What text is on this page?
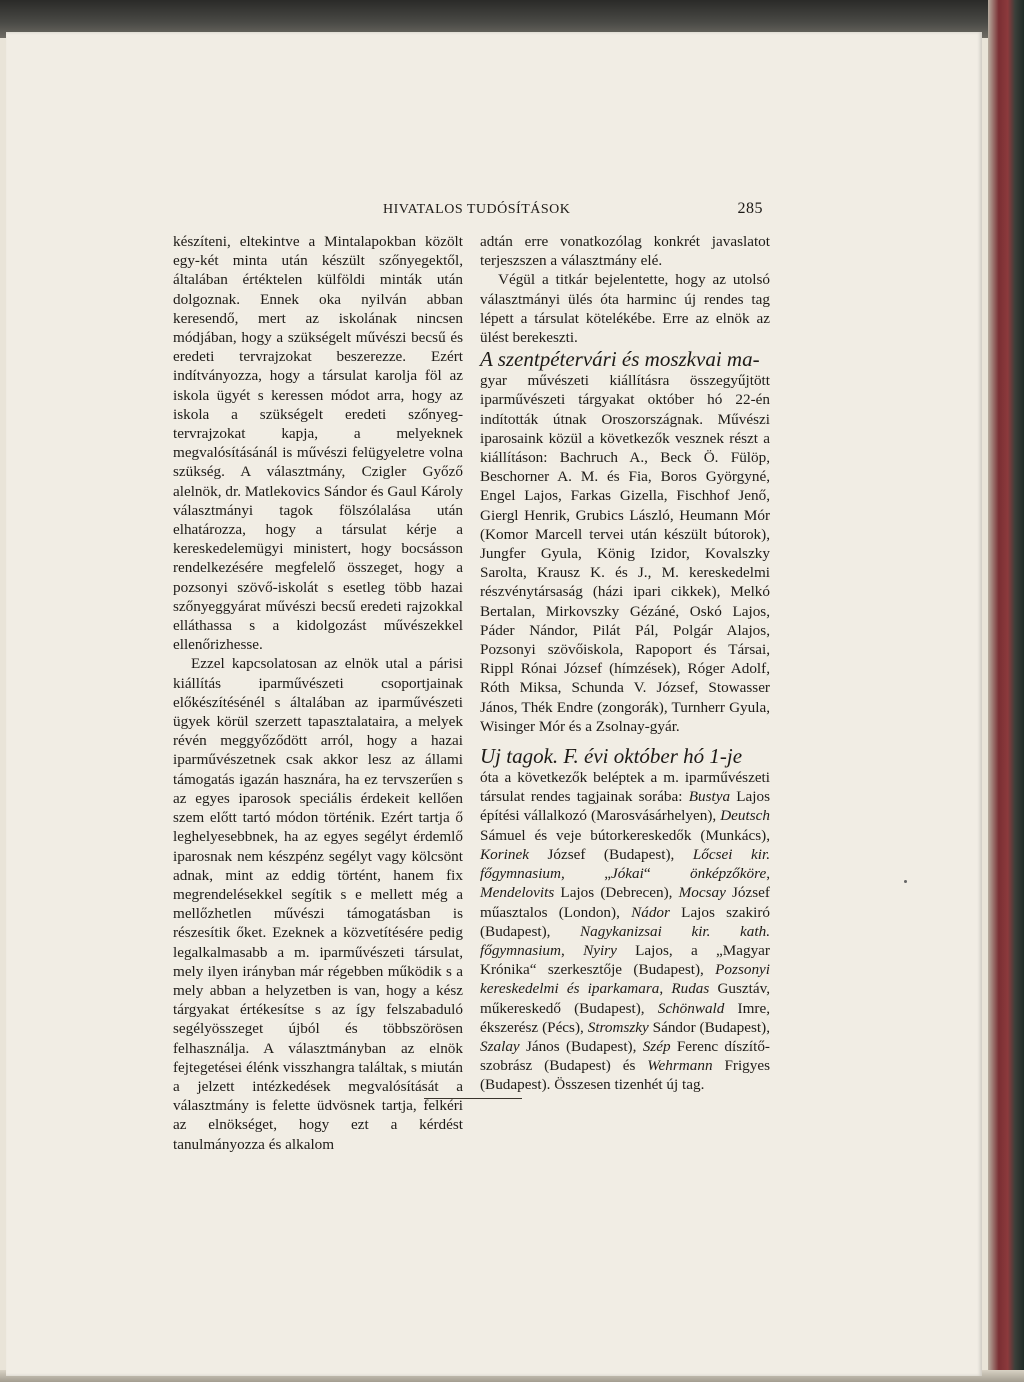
HIVATALOS TUDÓSÍTÁSOK	285

készíteni, eltekintve a Mintalapokban közölt egy-két minta után készült szőnyegektől, általában értéktelen külföldi minták után dolgoznak. Ennek oka nyilván abban keresendő, mert az iskolának nincsen módjában, hogy a szükségelt művészi becsű és eredeti tervrajzokat beszerezze. Ezért indítványozza, hogy a társulat karolja föl az iskola ügyét s keressen módot arra, hogy az iskola a szükségelt eredeti szőnyeg-tervrajzokat kapja, a melyeknek megvalósításánál is művészi felügyeletre volna szükség. A választmány, Czigler Győző alelnök, dr. Matlekovics Sándor és Gaul Károly választmányi tagok fölszólalása után elhatározza, hogy a társulat kérje a kereskedelemügyi ministert, hogy bocsásson rendelkezésére megfelelő összeget, hogy a pozsonyi szövő-iskolát s esetleg több hazai szőnyeggyárat művészi becsű eredeti rajzokkal elláthassa s a kidolgozást művészekkel ellenőrizhesse.

Ezzel kapcsolatosan az elnök utal a párisi kiállítás iparművészeti csoportjainak előkészítésénél s általában az iparművészeti ügyek körül szerzett tapasztalataira, a melyek révén meggyőződött arról, hogy a hazai iparművészetnek csak akkor lesz az állami támogatás igazán hasznára, ha ez tervszerűen s az egyes iparosok speciális érdekeit kellően szem előtt tartó módon történik. Ezért tartja ő leghelyesebbnek, ha az egyes segélyt érdemlő iparosnak nem készpénz segélyt vagy kölcsönt adnak, mint az eddig történt, hanem fix megrendelésekkel segítik s e mellett még a mellőzhetlen művészi támogatásban is részesítik őket. Ezeknek a közvetítésére pedig legalkalmasabb a m. iparművészeti társulat, mely ilyen irányban már régebben működik s a mely abban a helyzetben is van, hogy a kész tárgyakat értékesítse s az így felszabaduló segélyösszeget újból és többszörösen felhasználja. A választmányban az elnök fejtegetései élénk visszhangra találtak, s miután a jelzett intézkedések megvalósítását a választmány is felette üdvösnek tartja, felkéri az elnökséget, hogy ezt a kérdést tanulmányozza és alkalom

adtán erre vonatkozólag konkrét javaslatot terjeszszen a választmány elé.

Végül a titkár bejelentette, hogy az utolsó választmányi ülés óta harminc új rendes tag lépett a társulat kötelékébe. Erre az elnök az ülést berekeszti.

A szentpétervári és moszkvai ma-

gyar művészeti kiállításra összegyűjtött iparművészeti tárgyakat október hó 22-én indították útnak Oroszországnak. Művészi iparosaink közül a következők vesznek részt a kiállításon: Bachruch A., Beck Ö. Fülöp, Beschorner A. M. és Fia, Boros Györgyné, Engel Lajos, Farkas Gizella, Fischhof Jenő, Giergl Henrik, Grubics László, Heumann Mór (Komor Marcell tervei után készült bútorok), Jungfer Gyula, König Izidor, Kovalszky Sarolta, Krausz K. és J., M. kereskedelmi részvénytársaság (házi ipari cikkek), Melkó Bertalan, Mirkovszky Gézáné, Oskó Lajos, Páder Nándor, Pilát Pál, Polgár Alajos, Pozsonyi szövőiskola, Rapoport és Társai, Rippl Rónai József (hímzések), Róger Adolf, Róth Miksa, Schunda V. József, Stowasser János, Thék Endre (zongorák), Turnherr Gyula, Wisinger Mór és a Zsolnay-gyár.

Uj tagok. F. évi október hó 1-je

óta a következők beléptek a m. iparművészeti társulat rendes tagjainak sorába: Bustya Lajos építési vállalkozó (Marosvásárhelyen), Deutsch Sámuel és veje bútorkereskedők (Munkács), Korinek József (Budapest), Lőcsei kir. főgymnasium, „Jókai“ önképzőköre, Mendelovits Lajos (Debrecen), Mocsay József műasztalos (London), Nádor Lajos szakiró (Budapest), Nagykanizsai kir. kath. főgymnasium, Nyiry Lajos, a „Magyar Krónika“ szerkesztője (Budapest), Pozsonyi kereskedelmi és iparkamara, Rudas Gusztáv, műkereskedő (Budapest), Schönwald Imre, ékszerész (Pécs), Stromszky Sándor (Budapest), Szalay János (Budapest), Szép Ferenc díszítő-szobrász (Budapest) és Wehrmann Frigyes (Budapest). Összesen tizenhét új tag.
